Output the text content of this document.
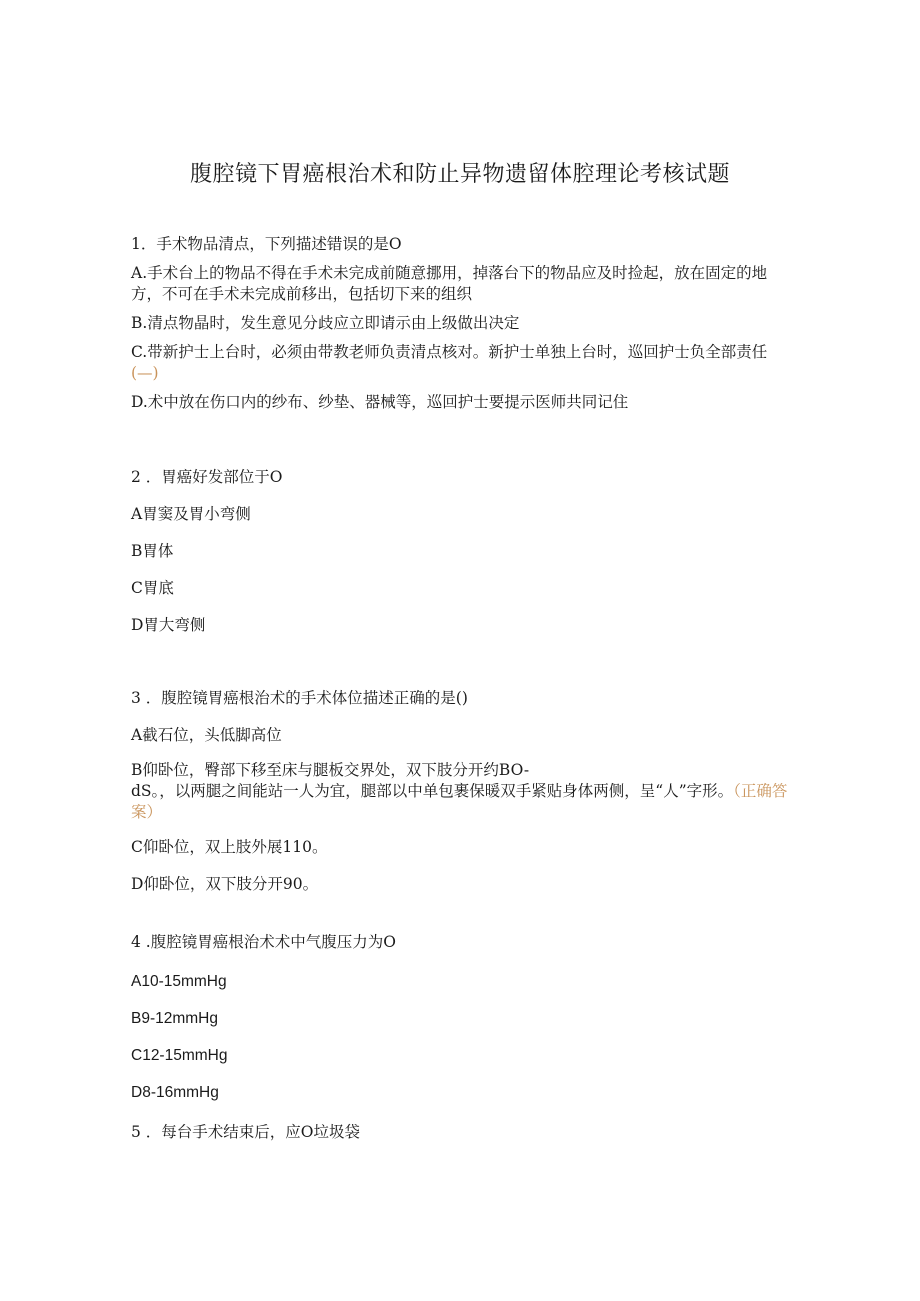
腹腔镜下胃癌根治术和防止异物遗留体腔理论考核试题

1．手术物品清点，下列描述错误的是O

A.手术台上的物品不得在手术未完成前随意挪用，掉落台下的物品应及时捡起，放在固定的地方，不可在手术未完成前移出，包括切下来的组织

B.清点物晶时，发生意见分歧应立即请示由上级做出决定

C.带新护士上台时，必须由带教老师负责清点核对。新护士单独上台时，巡回护士负全部责任(—)

D.术中放在伤口内的纱布、纱垫、器械等，巡回护士要提示医师共同记住

2 ．胃癌好发部位于O

A胃窦及胃小弯侧

B胃体

C胃底

D胃大弯侧

3 ．腹腔镜胃癌根治术的手术体位描述正确的是()

A截石位，头低脚高位

B仰卧位，臀部下移至床与腿板交界处，双下肢分开约BO-
dS。，以两腿之间能站一人为宜，腿部以中单包裹保暖双手紧贴身体两侧，呈“人”字形。（正确答案）

C仰卧位，双上肢外展110。

D仰卧位，双下肢分开90。

4 .腹腔镜胃癌根治术术中气腹压力为O

A10-15mmHg

B9-12mmHg

C12-15mmHg

D8-16mmHg

5 ．每台手术结束后，应O垃圾袋
